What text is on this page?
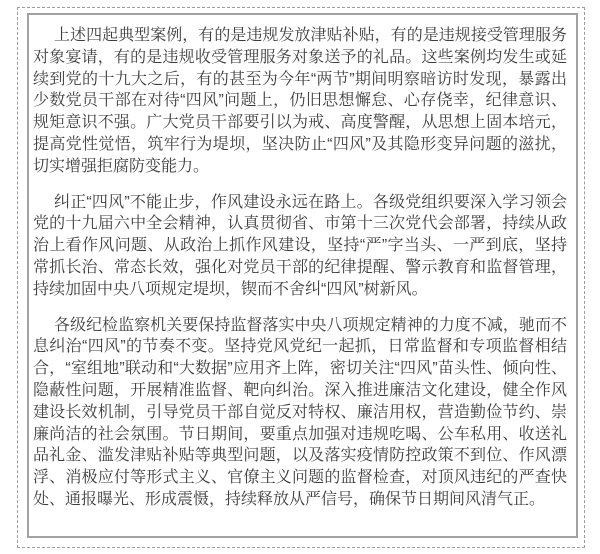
上述四起典型案例，有的是违规发放津贴补贴，有的是违规接受管理服务对象宴请，有的是违规收受管理服务对象送予的礼品。这些案例均发生或延续到党的十九大之后，有的甚至为今年“两节”期间明察暗访时发现，暴露出少数党员干部在对待“四风”问题上，仍旧思想懈怠、心存侥幸，纪律意识、规矩意识不强。广大党员干部要引以为戒、高度警醒，从思想上固本培元，提高党性觉悟，筑牢行为堤坝，坚决防止“四风”及其隐形变异问题的滋扰，切实增强拒腐防变能力。

纠正“四风”不能止步，作风建设永远在路上。各级党组织要深入学习领会党的十九届六中全会精神，认真贯彻省、市第十三次党代会部署，持续从政治上看作风问题、从政治上抓作风建设，坚持“严”字当头、一严到底，坚持常抓长治、常态长效，强化对党员干部的纪律提醒、警示教育和监督管理，持续加固中央八项规定堤坝，锲而不舍纠“四风”树新风。

各级纪检监察机关要保持监督落实中央八项规定精神的力度不减，驰而不息纠治“四风”的节奏不变。坚持党风党纪一起抓，日常监督和专项监督相结合，“室组地”联动和“大数据”应用齐上阵，密切关注“四风”苗头性、倾向性、隐蔽性问题，开展精准监督、靶向纠治。深入推进廉洁文化建设，健全作风建设长效机制，引导党员干部自觉反对特权、廉洁用权，营造勤俭节约、崇廉尚洁的社会氛围。节日期间，要重点加强对违规吃喝、公车私用、收送礼品礼金、滥发津贴补贴等典型问题，以及落实疫情防控政策不到位、作风漂浮、消极应付等形式主义、官僚主义问题的监督检查，对顶风违纪的严查快处、通报曝光、形成震慑，持续释放从严信号，确保节日期间风清气正。
